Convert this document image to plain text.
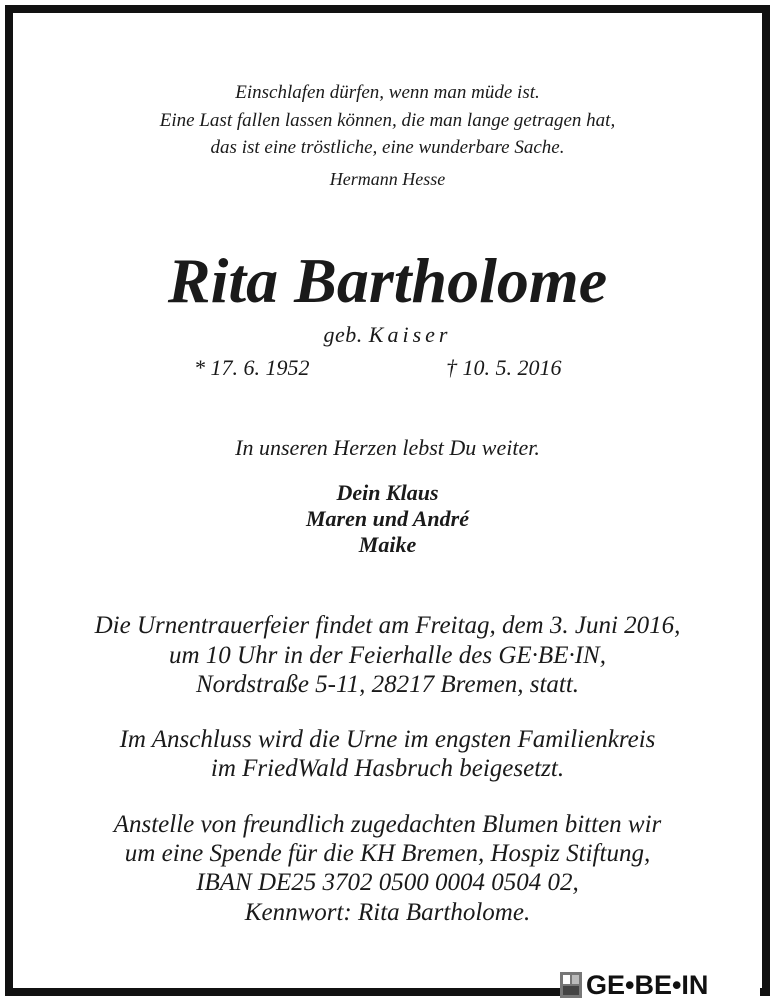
Einschlafen dürfen, wenn man müde ist.
Eine Last fallen lassen können, die man lange getragen hat,
das ist eine tröstliche, eine wunderbare Sache.
Hermann Hesse
Rita Bartholome
geb. Kaiser
* 17. 6. 1952	† 10. 5. 2016
In unseren Herzen lebst Du weiter.
Dein Klaus
Maren und André
Maike
Die Urnentrauerfeier findet am Freitag, dem 3. Juni 2016,
um 10 Uhr in der Feierhalle des GE·BE·IN,
Nordstraße 5-11, 28217 Bremen, statt.
Im Anschluss wird die Urne im engsten Familienkreis
im FriedWald Hasbruch beigesetzt.
Anstelle von freundlich zugedachten Blumen bitten wir
um eine Spende für die KH Bremen, Hospiz Stiftung,
IBAN DE25 3702 0500 0004 0504 02,
Kennwort: Rita Bartholome.
GE•BE•IN
